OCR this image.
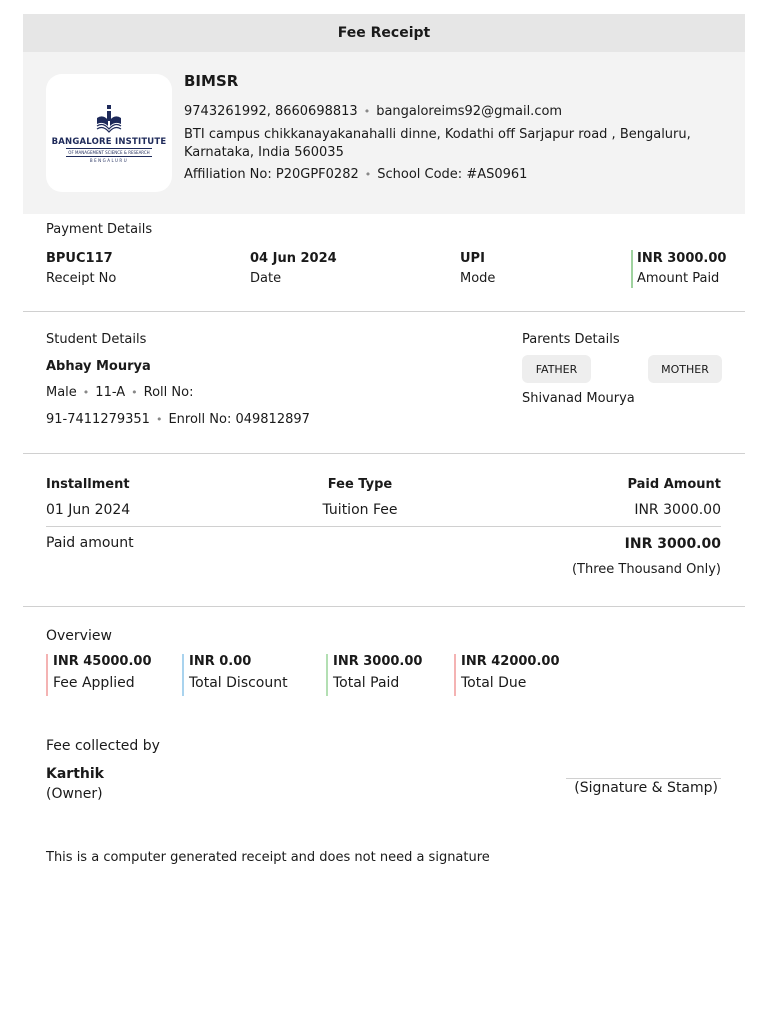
Fee Receipt
BANGALORE INSTITUTE
OF MANAGEMENT SCIENCE & RESEARCH
BENGALURU
BIMSR
9743261992, 8660698813 • bangaloreims92@gmail.com
BTI campus chikkanayakanahalli dinne, Kodathi off Sarjapur road , Bengaluru,
Karnataka, India 560035
Affiliation No: P20GPF0282 • School Code: #AS0961
Payment Details
BPUC117
Receipt No
04 Jun 2024
Date
UPI
Mode
INR 3000.00
Amount Paid
Student Details
Abhay Mourya
Male • 11-A • Roll No:
91-7411279351 • Enroll No: 049812897
Parents Details
FATHER	MOTHER
Shivanad Mourya
Installment	Fee Type	Paid Amount
01 Jun 2024	Tuition Fee	INR 3000.00
Paid amount	INR 3000.00
(Three Thousand Only)
Overview
INR 45000.00
Fee Applied
INR 0.00
Total Discount
INR 3000.00
Total Paid
INR 42000.00
Total Due
Fee collected by
Karthik
(Owner)	(Signature & Stamp)
This is a computer generated receipt and does not need a signature
